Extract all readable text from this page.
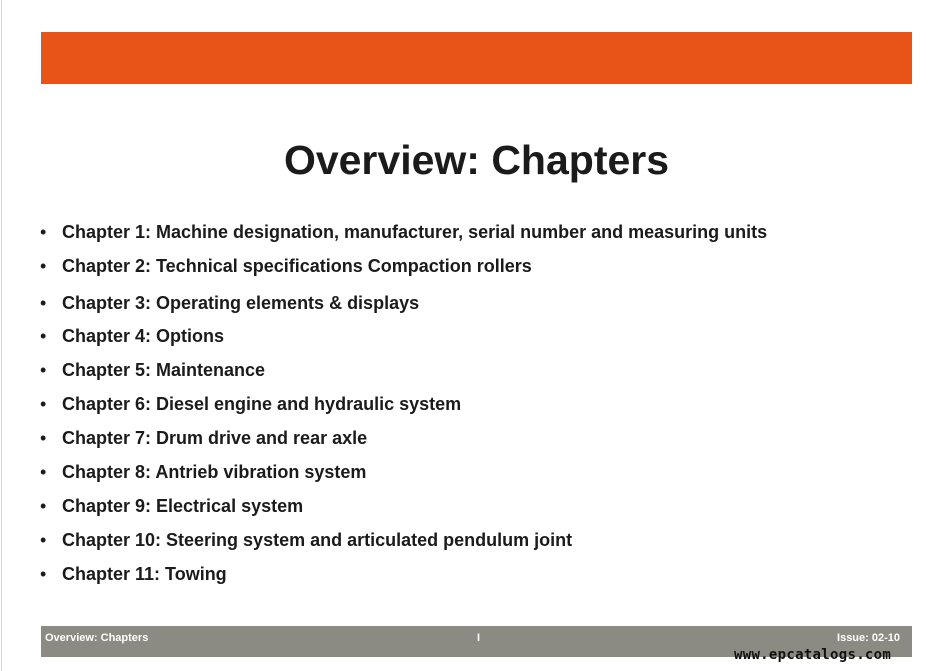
Overview: Chapters
• Chapter 1: Machine designation, manufacturer, serial number and measuring units
• Chapter 2: Technical specifications Compaction rollers
• Chapter 3: Operating elements & displays
• Chapter 4: Options
• Chapter 5: Maintenance
• Chapter 6: Diesel engine and hydraulic system
• Chapter 7: Drum drive and rear axle
• Chapter 8: Antrieb vibration system
• Chapter 9: Electrical system
• Chapter 10: Steering system and articulated pendulum joint
• Chapter 11: Towing
Overview: Chapters	I	Issue: 02-10
www.epcatalogs.com
